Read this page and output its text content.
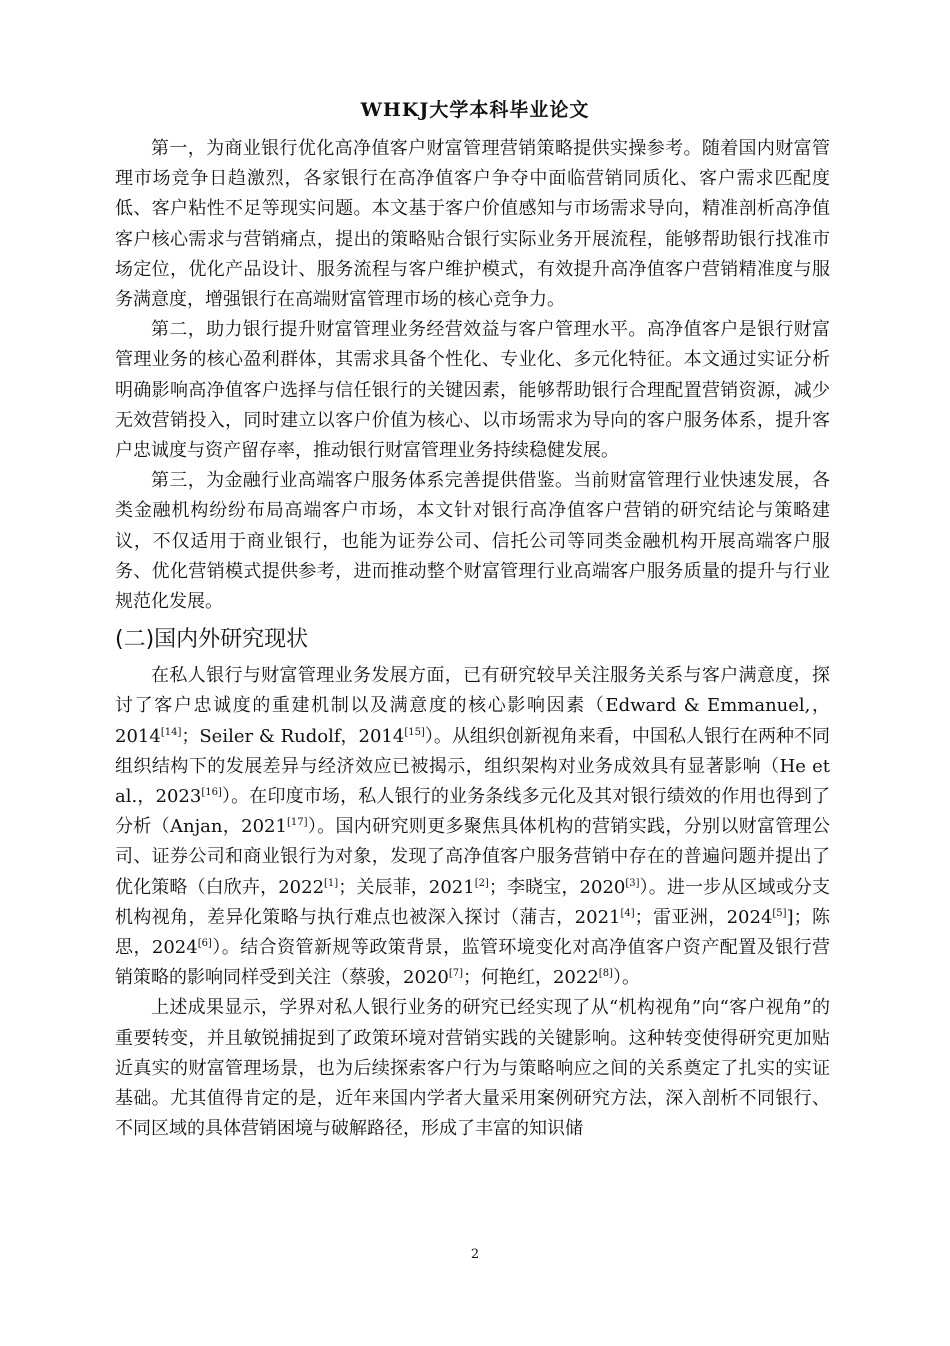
WHKJ大学本科毕业论文

第一，为商业银行优化高净值客户财富管理营销策略提供实操参考。随着国内财富管理市场竞争日趋激烈，各家银行在高净值客户争夺中面临营销同质化、客户需求匹配度低、客户粘性不足等现实问题。本文基于客户价值感知与市场需求导向，精准剖析高净值客户核心需求与营销痛点，提出的策略贴合银行实际业务开展流程，能够帮助银行找准市场定位，优化产品设计、服务流程与客户维护模式，有效提升高净值客户营销精准度与服务满意度，增强银行在高端财富管理市场的核心竞争力。

第二，助力银行提升财富管理业务经营效益与客户管理水平。高净值客户是银行财富管理业务的核心盈利群体，其需求具备个性化、专业化、多元化特征。本文通过实证分析明确影响高净值客户选择与信任银行的关键因素，能够帮助银行合理配置营销资源，减少无效营销投入，同时建立以客户价值为核心、以市场需求为导向的客户服务体系，提升客户忠诚度与资产留存率，推动银行财富管理业务持续稳健发展。

第三，为金融行业高端客户服务体系完善提供借鉴。当前财富管理行业快速发展，各类金融机构纷纷布局高端客户市场，本文针对银行高净值客户营销的研究结论与策略建议，不仅适用于商业银行，也能为证券公司、信托公司等同类金融机构开展高端客户服务、优化营销模式提供参考，进而推动整个财富管理行业高端客户服务质量的提升与行业规范化发展。

(二)国内外研究现状

在私人银行与财富管理业务发展方面，已有研究较早关注服务关系与客户满意度，探讨了客户忠诚度的重建机制以及满意度的核心影响因素（Edward & Emmanuel,，2014[14]；Seiler & Rudolf，2014[15]）。从组织创新视角来看，中国私人银行在两种不同组织结构下的发展差异与经济效应已被揭示，组织架构对业务成效具有显著影响（He et al.，2023[16]）。在印度市场，私人银行的业务条线多元化及其对银行绩效的作用也得到了分析（Anjan，2021[17]）。国内研究则更多聚焦具体机构的营销实践，分别以财富管理公司、证券公司和商业银行为对象，发现了高净值客户服务营销中存在的普遍问题并提出了优化策略（白欣卉，2022[1]；关辰菲，2021[2]；李晓宝，2020[3]）。进一步从区域或分支机构视角，差异化策略与执行难点也被深入探讨（蒲吉，2021[4]；雷亚洲，2024[5]]；陈思，2024[6]）。结合资管新规等政策背景，监管环境变化对高净值客户资产配置及银行营销策略的影响同样受到关注（蔡骏，2020[7]；何艳红，2022[8]）。

上述成果显示，学界对私人银行业务的研究已经实现了从“机构视角”向“客户视角”的重要转变，并且敏锐捕捉到了政策环境对营销实践的关键影响。这种转变使得研究更加贴近真实的财富管理场景，也为后续探索客户行为与策略响应之间的关系奠定了扎实的实证基础。尤其值得肯定的是，近年来国内学者大量采用案例研究方法，深入剖析不同银行、不同区域的具体营销困境与破解路径，形成了丰富的知识储

2
